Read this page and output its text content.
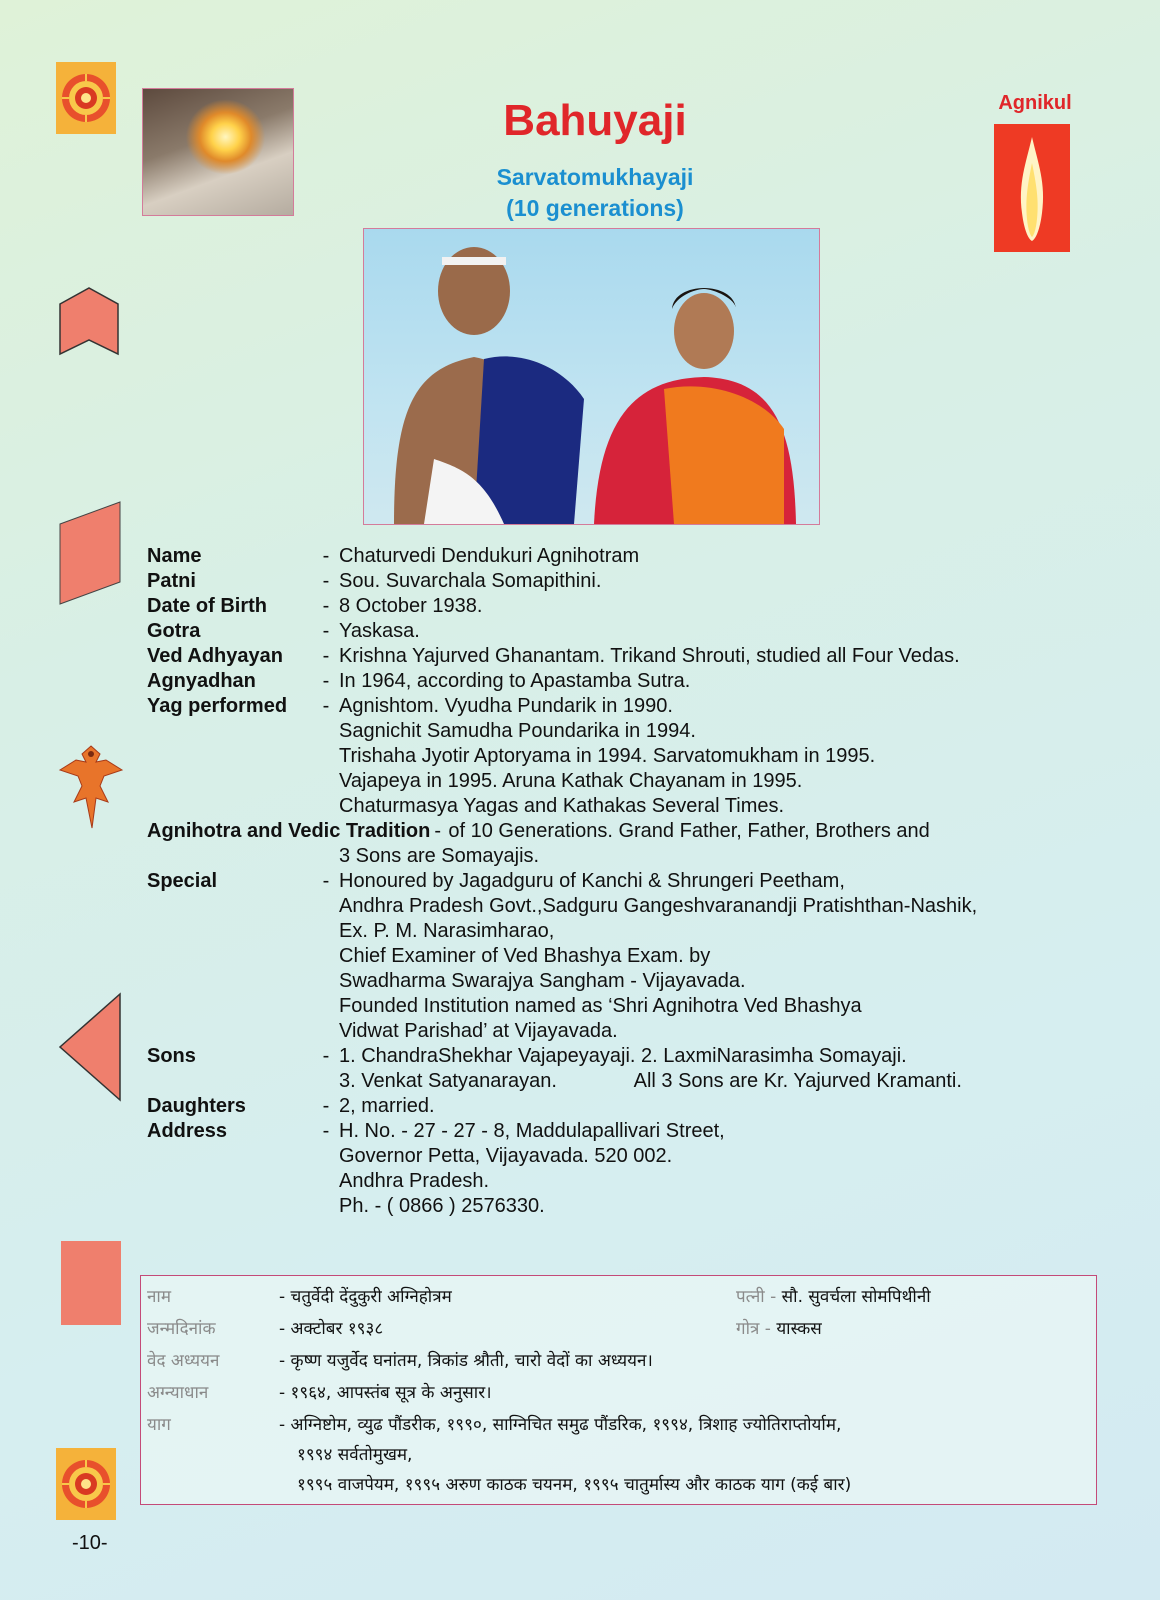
-10-
Bahuyaji
Sarvatomukhayaji
(10 generations)
Agnikul
Name	- Chaturvedi Dendukuri Agnihotram
Patni	- Sou. Suvarchala Somapithini.
Date of Birth	- 8 October 1938.
Gotra	- Yaskasa.
Ved Adhyayan	- Krishna Yajurved Ghanantam. Trikand Shrouti, studied all Four Vedas.
Agnyadhan	- In 1964, according to Apastamba Sutra.
Yag performed	- Agnishtom. Vyudha Pundarik in 1990.
Sagnichit Samudha Poundarika in 1994.
Trishaha Jyotir Aptoryama in 1994. Sarvatomukham in 1995.
Vajapeya in 1995. Aruna Kathak Chayanam in 1995.
Chaturmasya Yagas and Kathakas Several Times.
Agnihotra and Vedic Tradition - of 10 Generations. Grand Father, Father, Brothers and
3 Sons are Somayajis.
Special	- Honoured by Jagadguru of Kanchi & Shrungeri Peetham,
Andhra Pradesh Govt.,Sadguru Gangeshvaranandji Pratishthan-Nashik,
Ex. P. M. Narasimharao,
Chief Examiner of Ved Bhashya Exam. by
Swadharma Swarajya Sangham - Vijayavada.
Founded Institution named as ‘Shri Agnihotra Ved Bhashya
Vidwat Parishad’ at Vijayavada.
Sons	- 1. ChandraShekhar Vajapeyayaji. 2. LaxmiNarasimha Somayaji.
3. Venkat Satyanarayan.              All 3 Sons are Kr. Yajurved Kramanti.
Daughters	- 2, married.
Address	- H. No. - 27 - 27 - 8, Maddulapallivari Street,
Governor Petta, Vijayavada. 520 002.
Andhra Pradesh.
Ph. - ( 0866 ) 2576330.
नाम	- चतुर्वेदी देंदुकुरी अग्निहोत्रम	पत्नी - सौ. सुवर्चला सोमपिथीनी
जन्मदिनांक	- अक्टोबर १९३८	गोत्र - यास्कस
वेद अध्ययन	- कृष्ण यजुर्वेद घनांतम, त्रिकांड श्रौती, चारो वेदों का अध्ययन।
अग्न्याधान	- १९६४, आपस्तंब सूत्र के अनुसार।
याग	- अग्निष्टोम, व्युढ पौंडरीक, १९९०, साग्निचित समुढ पौंडरिक, १९९४, त्रिशाह ज्योतिराप्तोर्याम,
१९९४ सर्वतोमुखम,
१९९५ वाजपेयम, १९९५ अरुण काठक चयनम, १९९५ चातुर्मास्य और काठक याग (कई बार)
